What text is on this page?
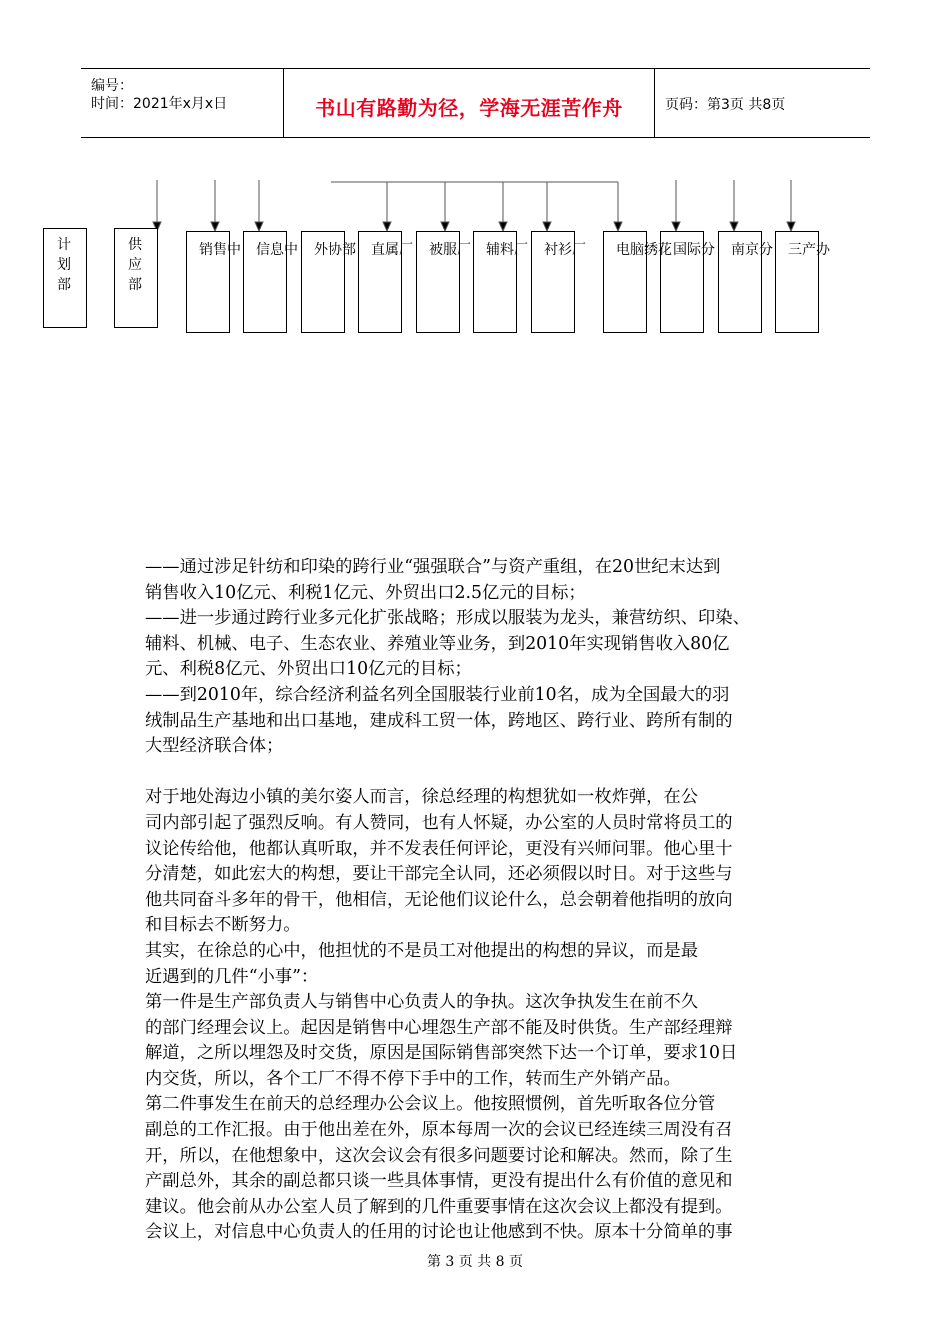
编号：
时间：2021年x月x日	书山有路勤为径，学海无涯苦作舟	页码：第3页 共8页
计划部
供应部
销售中 信息中 外协部 直属厂 被服厂 辅料厂 衬衫厂 电脑绣花 国际分 南京分 三产办

——通过涉足针纺和印染的跨行业“强强联合”与资产重组，在20世纪末达到

销售收入10亿元、利税1亿元、外贸出口2.5亿元的目标；

——进一步通过跨行业多元化扩张战略；形成以服装为龙头，兼营纺织、印染、

辅料、机械、电子、生态农业、养殖业等业务，到2010年实现销售收入80亿

元、利税8亿元、外贸出口10亿元的目标；

——到2010年，综合经济利益名列全国服装行业前10名，成为全国最大的羽

绒制品生产基地和出口基地，建成科工贸一体，跨地区、跨行业、跨所有制的

大型经济联合体；

对于地处海边小镇的美尔姿人而言，徐总经理的构想犹如一枚炸弹，在公

司内部引起了强烈反响。有人赞同，也有人怀疑，办公室的人员时常将员工的

议论传给他，他都认真听取，并不发表任何评论，更没有兴师问罪。他心里十

分清楚，如此宏大的构想，要让干部完全认同，还必须假以时日。对于这些与

他共同奋斗多年的骨干，他相信，无论他们议论什么，总会朝着他指明的放向

和目标去不断努力。

其实，在徐总的心中，他担忧的不是员工对他提出的构想的异议，而是最

近遇到的几件“小事”：

第一件是生产部负责人与销售中心负责人的争执。这次争执发生在前不久

的部门经理会议上。起因是销售中心埋怨生产部不能及时供货。生产部经理辩

解道，之所以埋怨及时交货，原因是国际销售部突然下达一个订单，要求10日

内交货，所以，各个工厂不得不停下手中的工作，转而生产外销产品。

第二件事发生在前天的总经理办公会议上。他按照惯例，首先听取各位分管

副总的工作汇报。由于他出差在外，原本每周一次的会议已经连续三周没有召

开，所以，在他想象中，这次会议会有很多问题要讨论和解决。然而，除了生

产副总外，其余的副总都只谈一些具体事情，更没有提出什么有价值的意见和

建议。他会前从办公室人员了解到的几件重要事情在这次会议上都没有提到。

会议上，对信息中心负责人的任用的讨论也让他感到不快。原本十分简单的事

第 3 页 共 8 页
